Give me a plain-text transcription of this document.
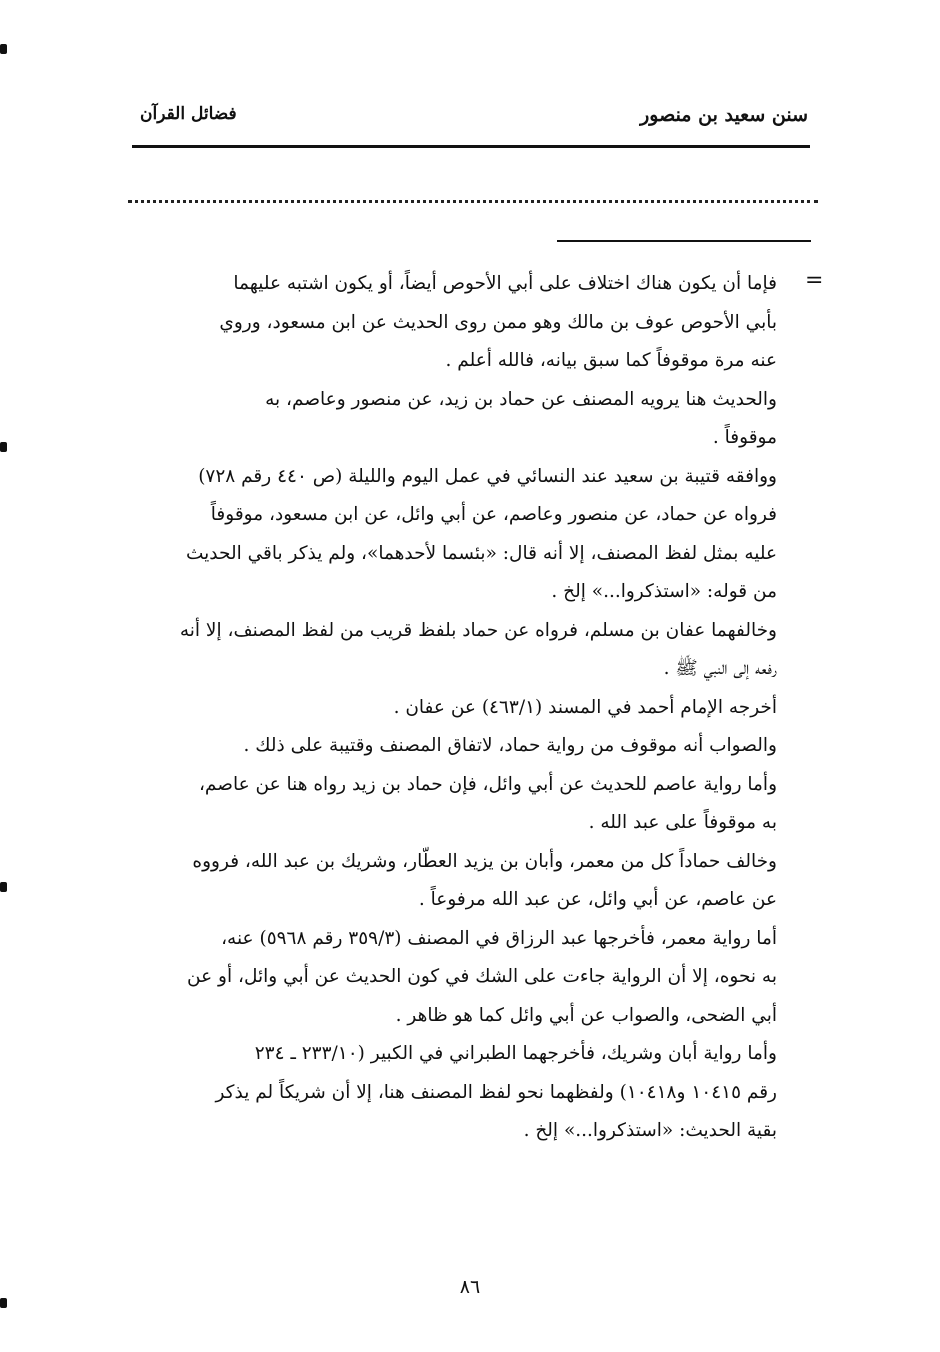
سنن سعيد بن منصور
فضائل القرآن
=
فإما أن يكون هناك اختلاف على أبي الأحوص أيضاً، أو يكون اشتبه عليهما
بأبي الأحوص عوف بن مالك وهو ممن روى الحديث عن ابن مسعود، وروي
عنه مرة موقوفاً كما سبق بيانه، فالله أعلم .
والحديث هنا يرويه المصنف عن حماد بن زيد، عن منصور وعاصم، به
موقوفاً .
ووافقه قتيبة بن سعيد عند النسائي في عمل اليوم والليلة (ص ٤٤٠ رقم ٧٢٨)
فرواه عن حماد، عن منصور وعاصم، عن أبي وائل، عن ابن مسعود، موقوفاً
عليه بمثل لفظ المصنف، إلا أنه قال: «بئسما لأحدهما»، ولم يذكر باقي الحديث
من قوله: «استذكروا...» إلخ .
وخالفهما عفان بن مسلم، فرواه عن حماد بلفظ قريب من لفظ المصنف، إلا أنه
رفعه إلى النبي ﷺ .
أخرجه الإمام أحمد في المسند (٤٦٣/١) عن عفان .
والصواب أنه موقوف من رواية حماد، لاتفاق المصنف وقتيبة على ذلك .
وأما رواية عاصم للحديث عن أبي وائل، فإن حماد بن زيد رواه هنا عن عاصم،
به موقوفاً على عبد الله .
وخالف حماداً كل من معمر، وأبان بن يزيد العطّار، وشريك بن عبد الله، فرووه
عن عاصم، عن أبي وائل، عن عبد الله مرفوعاً .
أما رواية معمر، فأخرجها عبد الرزاق في المصنف (٣٥٩/٣ رقم ٥٩٦٨) عنه،
به نحوه، إلا أن الرواية جاءت على الشك في كون الحديث عن أبي وائل، أو عن
أبي الضحى، والصواب عن أبي وائل كما هو ظاهر .
وأما رواية أبان وشريك، فأخرجهما الطبراني في الكبير (٢٣٣/١٠ ـ ٢٣٤
رقم ١٠٤١٥ و١٠٤١٨) ولفظهما نحو لفظ المصنف هنا، إلا أن شريكاً لم يذكر
بقية الحديث: «استذكروا...» إلخ .
٨٦
